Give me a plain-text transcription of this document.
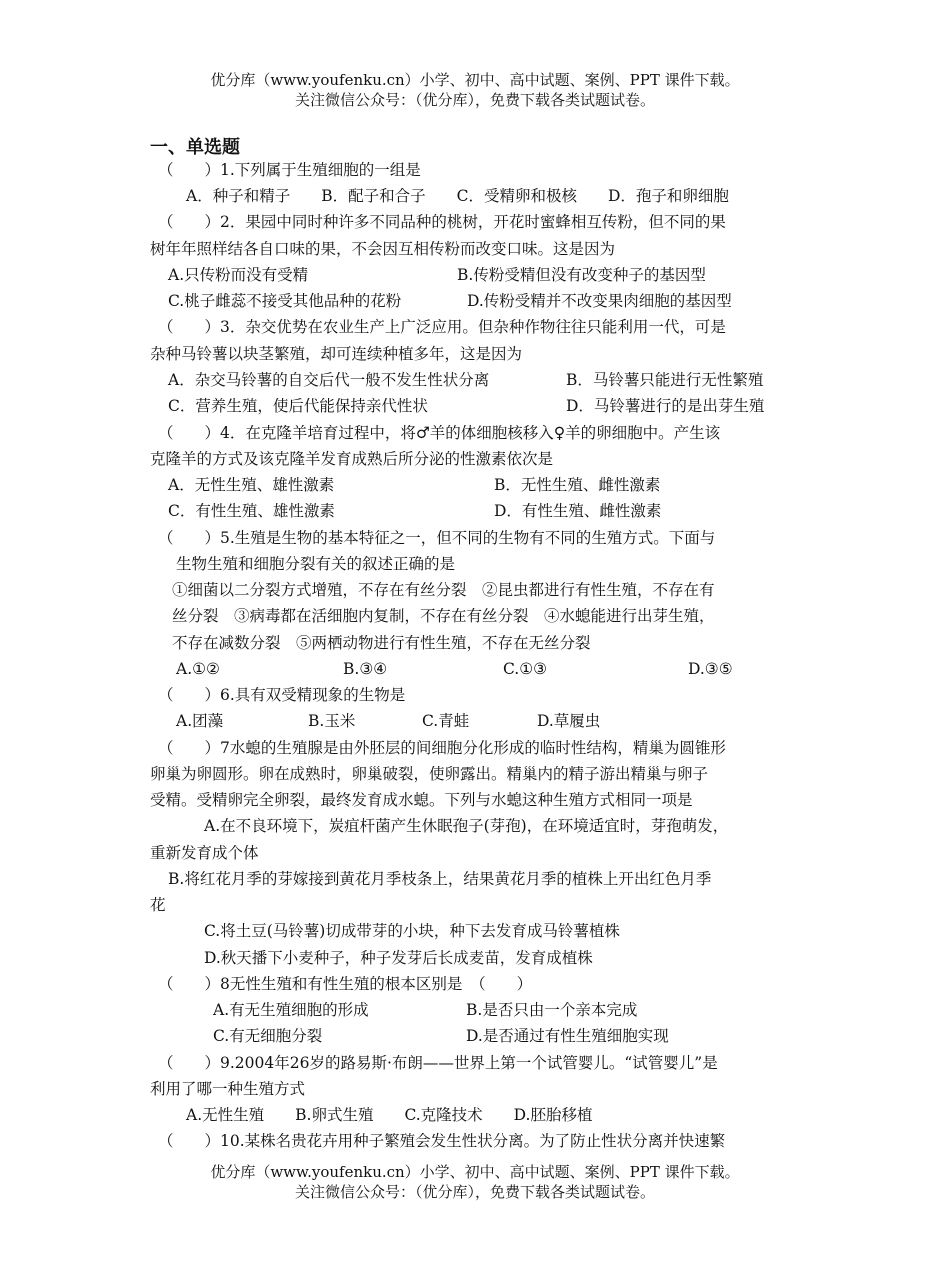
优分库（www.youfenku.cn）小学、初中、高中试题、案例、PPT 课件下载。
关注微信公众号：（优分库），免费下载各类试题试卷。
一、单选题
（　　）1.下列属于生殖细胞的一组是
A．种子和精子　　B．配子和合子　　C．受精卵和极核　　D．孢子和卵细胞
（　　）2．果园中同时种许多不同品种的桃树，开花时蜜蜂相互传粉，但不同的果
树年年照样结各自口味的果，不会因互相传粉而改变口味。这是因为
A.只传粉而没有受精	B.传粉受精但没有改变种子的基因型
C.桃子雌蕊不接受其他品种的花粉	D.传粉受精并不改变果肉细胞的基因型
（　　）3．杂交优势在农业生产上广泛应用。但杂种作物往往只能利用一代，可是
杂种马铃薯以块茎繁殖，却可连续种植多年，这是因为
A．杂交马铃薯的自交后代一般不发生性状分离	B．马铃薯只能进行无性繁殖
C．营养生殖，使后代能保持亲代性状	D．马铃薯进行的是出芽生殖
（　　）4．在克隆羊培育过程中，将♂羊的体细胞核移入♀羊的卵细胞中。产生该
克隆羊的方式及该克隆羊发育成熟后所分泌的性激素依次是
A．无性生殖、雄性激素	B．无性生殖、雌性激素
C．有性生殖、雄性激素	D．有性生殖、雌性激素
（　　）5.生殖是生物的基本特征之一，但不同的生物有不同的生殖方式。下面与
生物生殖和细胞分裂有关的叙述正确的是
①细菌以二分裂方式增殖，不存在有丝分裂　②昆虫都进行有性生殖，不存在有
丝分裂　③病毒都在活细胞内复制，不存在有丝分裂　④水螅能进行出芽生殖，
不存在减数分裂　⑤两栖动物进行有性生殖，不存在无丝分裂
A.①②	B.③④	C.①③	D.③⑤
（　　）6.具有双受精现象的生物是
A.团藻	B.玉米	C.青蛙	D.草履虫
（　　）7水螅的生殖腺是由外胚层的间细胞分化形成的临时性结构，精巢为圆锥形
卵巢为卵圆形。卵在成熟时，卵巢破裂，使卵露出。精巢内的精子游出精巢与卵子
受精。受精卵完全卵裂，最终发育成水螅。下列与水螅这种生殖方式相同一项是
A.在不良环境下，炭疽杆菌产生休眠孢子(芽孢)，在环境适宜时，芽孢萌发，
重新发育成个体
B.将红花月季的芽嫁接到黄花月季枝条上，结果黄花月季的植株上开出红色月季
花
C.将土豆(马铃薯)切成带芽的小块，种下去发育成马铃薯植株
D.秋天播下小麦种子，种子发芽后长成麦苗，发育成植株
（　　）8无性生殖和有性生殖的根本区别是　（　　）
A.有无生殖细胞的形成	B.是否只由一个亲本完成
C.有无细胞分裂	D.是否通过有性生殖细胞实现
（　　）9.2004年26岁的路易斯·布朗——世界上第一个试管婴儿。“试管婴儿”是
利用了哪一种生殖方式
A.无性生殖　　B.卵式生殖　　C.克隆技术　　D.胚胎移植
（　　）10.某株名贵花卉用种子繁殖会发生性状分离。为了防止性状分离并快速繁
优分库（www.youfenku.cn）小学、初中、高中试题、案例、PPT 课件下载。
关注微信公众号：（优分库），免费下载各类试题试卷。
